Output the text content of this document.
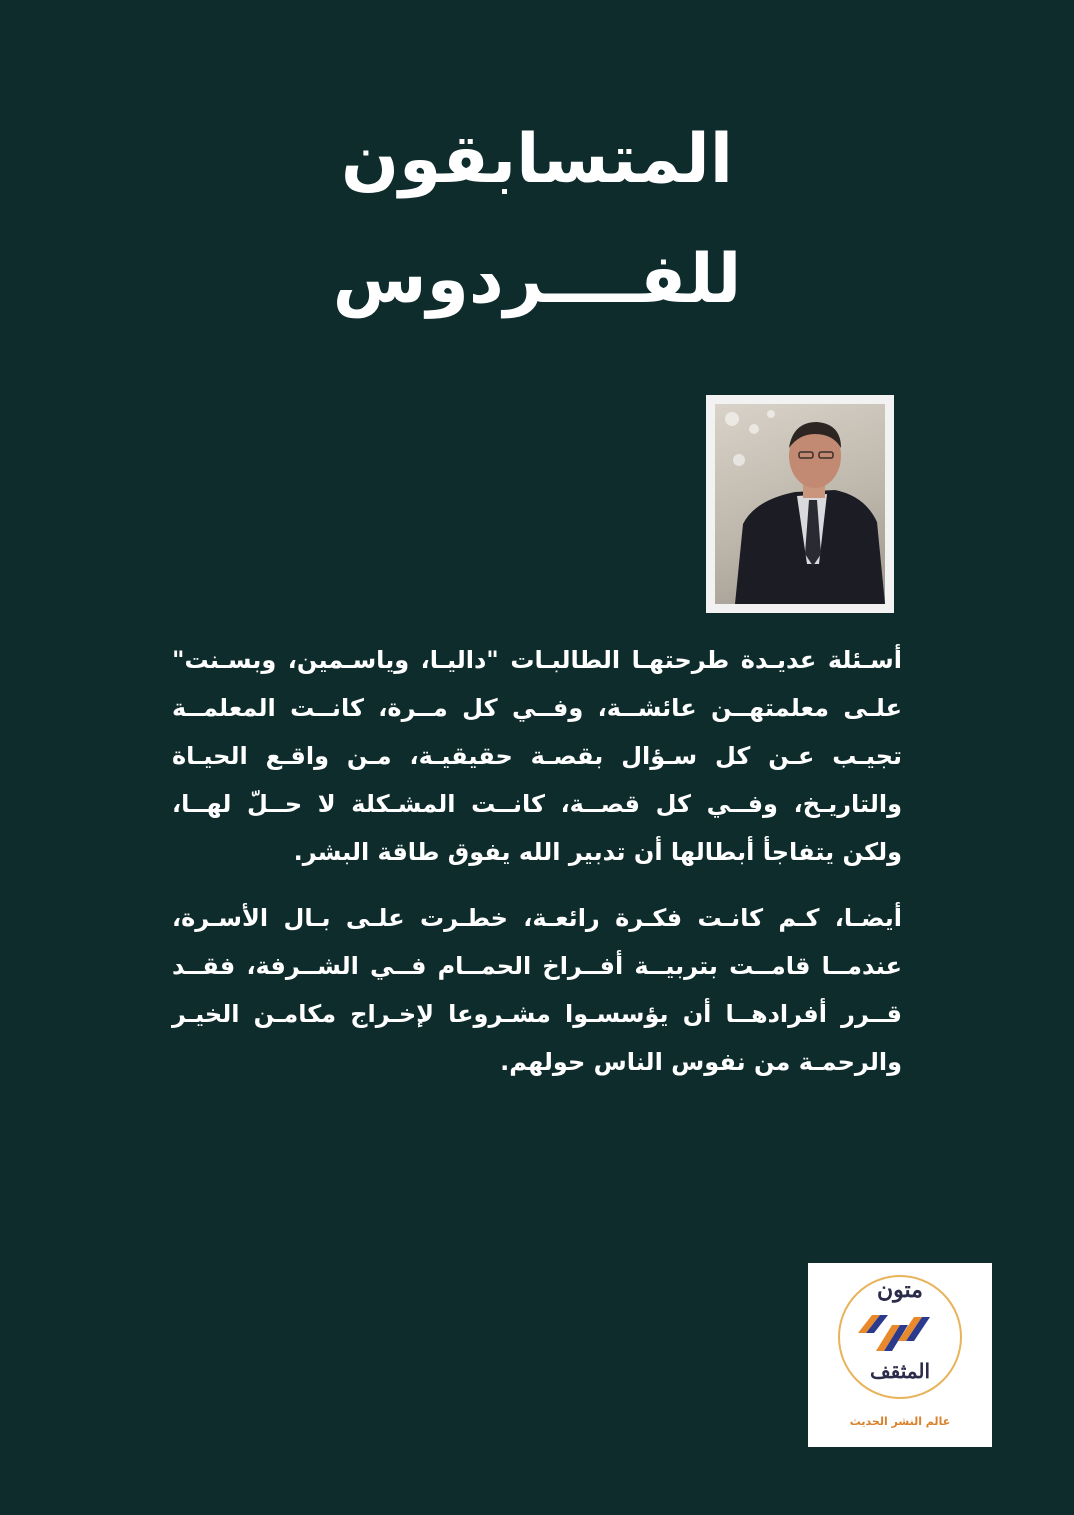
المتسابقون
للفــــردوس

أسـئلة عديـدة طرحتهـا الطالبـات "داليـا، وياسـمين، وبسـنت" علـى معلمتهــن عائشــة، وفــي كل مــرة، كانــت المعلمــة تجيـب عـن كل سـؤال بقصـة حقيقيـة، مـن واقـع الحيـاة والتاريـخ، وفــي كل قصــة، كانــت المشـكلة لا حــلّ لهــا، ولكن يتفاجأ أبطالها أن تدبير الله يفوق طاقة البشر.

أيضـا، كـم كانـت فكـرة رائعـة، خطـرت علـى بـال الأسـرة، عندمــا قامــت بتربيــة أفــراخ الحمــام فــي الشــرفة، فقــد قــرر أفرادهــا أن يؤسسـوا مشـروعا لإخـراج مكامـن الخيـر والرحمـة من نفوس الناس حولهم.

متون
المثقف
عالم النشر الحديث
